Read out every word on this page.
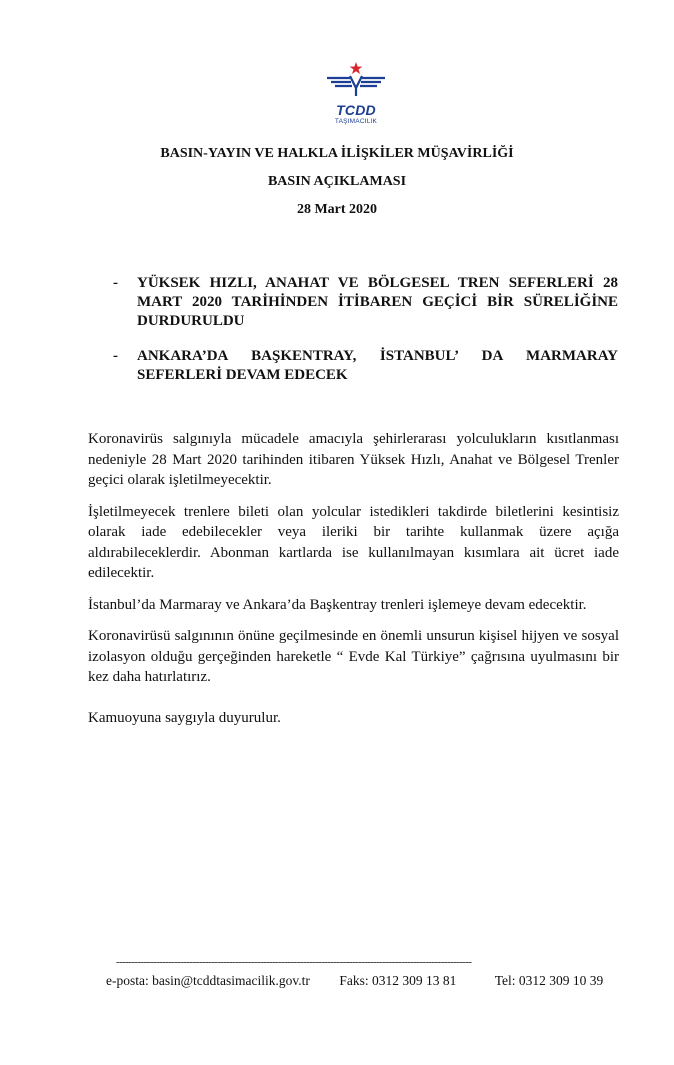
TCDD
TAŞIMACILIK
BASIN-YAYIN VE HALKLA İLİŞKİLER MÜŞAVİRLİĞİ
BASIN AÇIKLAMASI
28 Mart 2020
- YÜKSEK HIZLI, ANAHAT VE BÖLGESEL TREN SEFERLERİ 28 MART 2020 TARİHİNDEN İTİBAREN GEÇİCİ BİR SÜRELİĞİNE DURDURULDU
- ANKARA’DA BAŞKENTRAY, İSTANBUL’ DA MARMARAY SEFERLERİ DEVAM EDECEK

Koronavirüs salgınıyla mücadele amacıyla şehirlerarası yolculukların kısıtlanması nedeniyle 28 Mart 2020 tarihinden itibaren Yüksek Hızlı, Anahat ve Bölgesel Trenler geçici olarak işletilmeyecektir.

İşletilmeyecek trenlere bileti olan yolcular istedikleri takdirde biletlerini kesintisiz olarak iade edebilecekler veya ileriki bir tarihte kullanmak üzere açığa aldırabileceklerdir. Abonman kartlarda ise kullanılmayan kısımlara ait ücret iade edilecektir.

İstanbul’da Marmaray ve Ankara’da Başkentray trenleri işlemeye devam edecektir.

Koronavirüsü salgınının önüne geçilmesinde en önemli unsurun kişisel hijyen ve sosyal izolasyon olduğu gerçeğinden hareketle “ Evde Kal Türkiye” çağrısına uyulmasını bir kez daha hatırlatırız.

Kamuoyuna saygıyla duyurulur.

--------------------------------------------------------------------------------------------------------------------
e-posta: basin@tcddtasimacilik.gov.tr Faks: 0312 309 13 81	Tel: 0312 309 10 39
